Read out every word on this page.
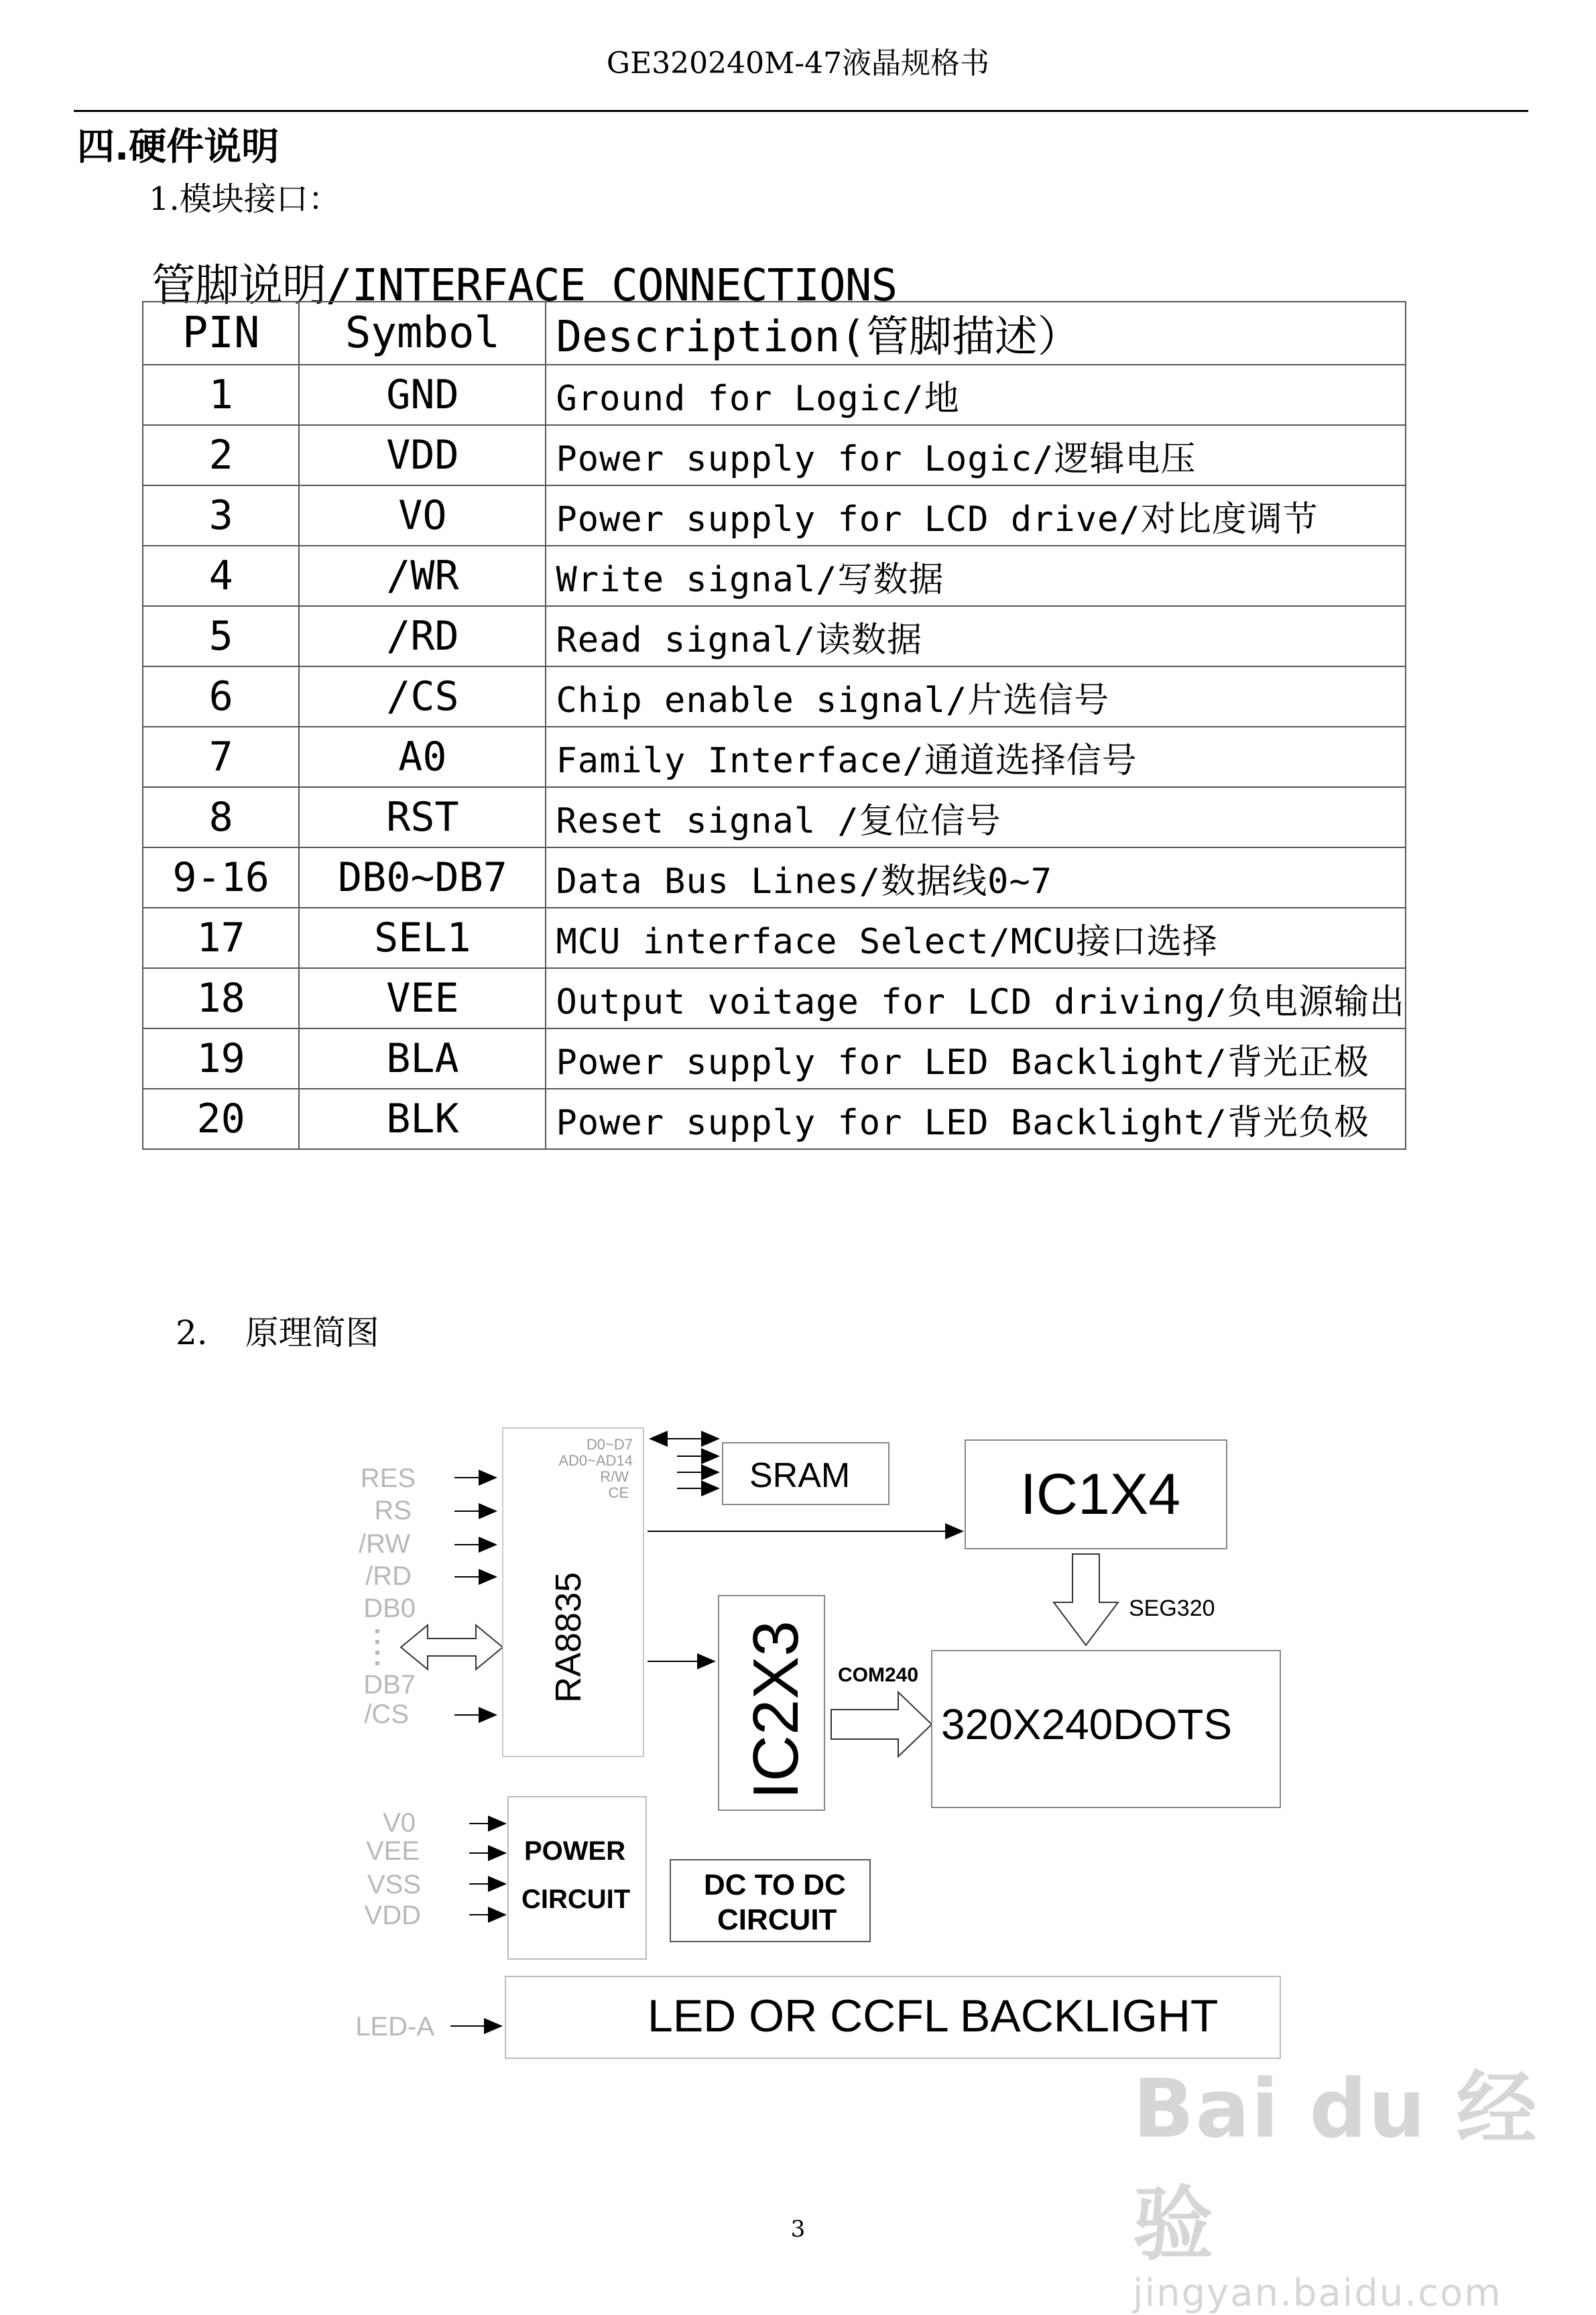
GE320240M-47液晶规格书
四.硬件说明
1.模块接口：
管脚说明/INTERFACE CONNECTIONS
PIN	Symbol	Description(管脚描述）
1	GND	Ground for Logic/地
2	VDD	Power supply for Logic/逻辑电压
3	VO	Power supply for LCD drive/对比度调节
4	/WR	Write signal/写数据
5	/RD	Read signal/读数据
6	/CS	Chip enable signal/片选信号
7	A0	Family Interface/通道选择信号
8	RST	Reset signal /复位信号
9-16	DB0~DB7	Data Bus Lines/数据线0~7
17	SEL1	MCU interface Select/MCU接口选择
18	VEE	Output voitage for LCD driving/负电源输出
19	BLA	Power supply for LED Backlight/背光正极
20	BLK	Power supply for LED Backlight/背光负极
2. 原理简图
RES
RS
/RW
/RD
DB0
DB7
/CS
D0~D7
AD0~AD14
R/W
CE
RA8835
SRAM	IC1X4
SEG320
IC2X3 COM240
320X240DOTS
V0
VEE
VSS
VDD
POWER
CIRCUIT DC TO DC
CIRCUIT
LED-A	LED OR CCFL BACKLIGHT
Bai du 经验
jingyan.baidu.com
3
